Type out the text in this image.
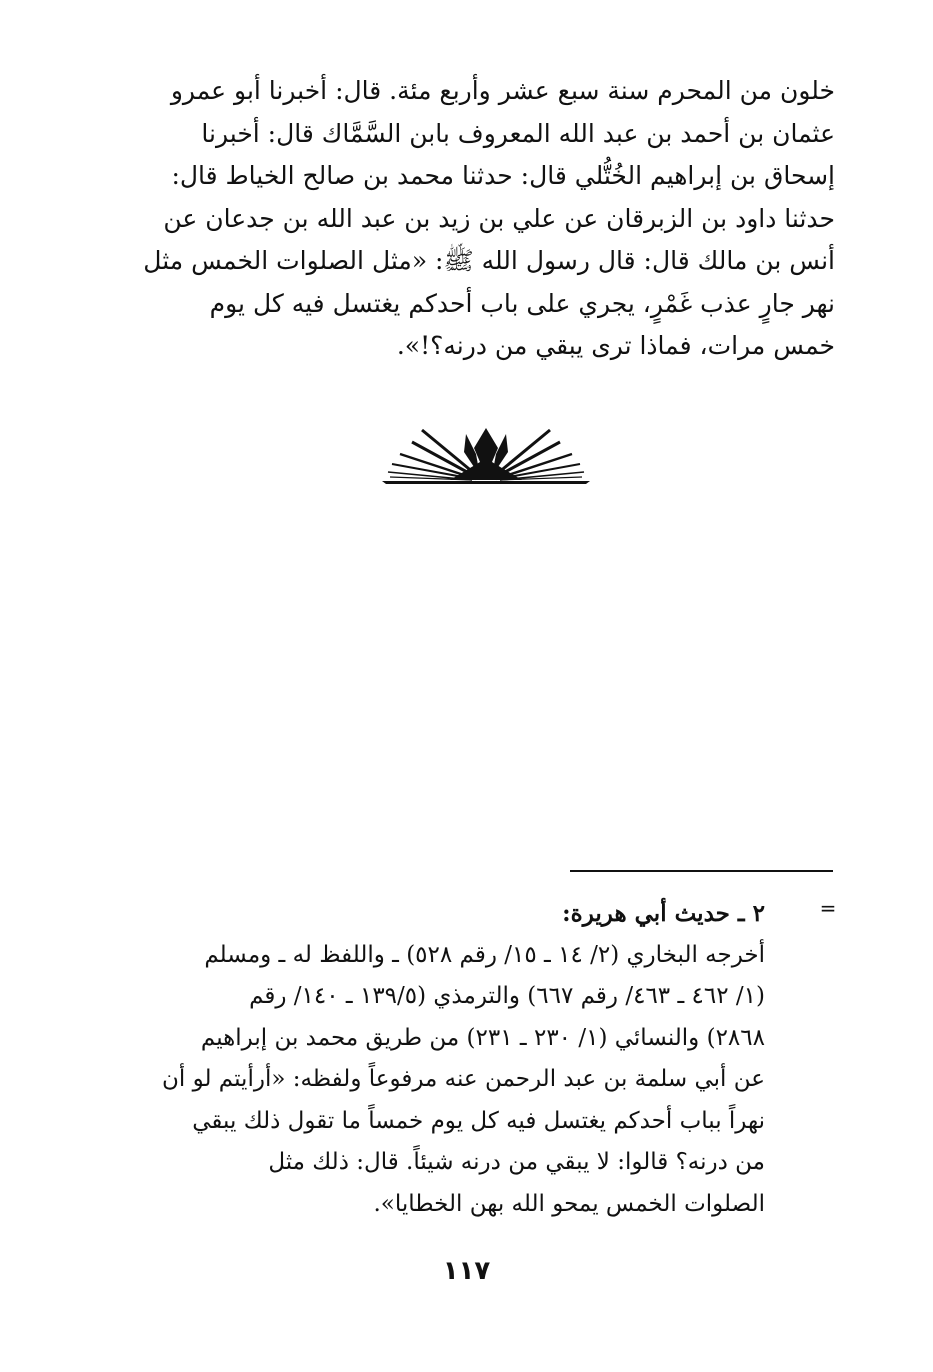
خلون من المحرم سنة سبع عشر وأربع مئة. قال: أخبرنا أبو عمرو
عثمان بن أحمد بن عبد الله المعروف بابن السَّمَّاك قال: أخبرنا
إسحاق بن إبراهيم الخُتُّلي قال: حدثنا محمد بن صالح الخياط قال:
حدثنا داود بن الزبرقان عن علي بن زيد بن عبد الله بن جدعان عن
أنس بن مالك قال: قال رسول الله ﷺ: «مثل الصلوات الخمس مثل
نهر جارٍ عذب غَمْرٍ، يجري على باب أحدكم يغتسل فيه كل يوم
خمس مرات، فماذا ترى يبقي من درنه؟!».
=
٢ ـ حديث أبي هريرة:
أخرجه البخاري (٢/ ١٤ ـ ١٥/ رقم ٥٢٨) ـ واللفظ له ـ ومسلم
(١/ ٤٦٢ ـ ٤٦٣/ رقم ٦٦٧) والترمذي (١٣٩/٥ ـ ١٤٠/ رقم
٢٨٦٨) والنسائي (١/ ٢٣٠ ـ ٢٣١) من طريق محمد بن إبراهيم
عن أبي سلمة بن عبد الرحمن عنه مرفوعاً ولفظه: «أرأيتم لو أن
نهراً بباب أحدكم يغتسل فيه كل يوم خمساً ما تقول ذلك يبقي
من درنه؟ قالوا: لا يبقي من درنه شيئاً. قال: ذلك مثل
الصلوات الخمس يمحو الله بهن الخطايا».
١١٧
